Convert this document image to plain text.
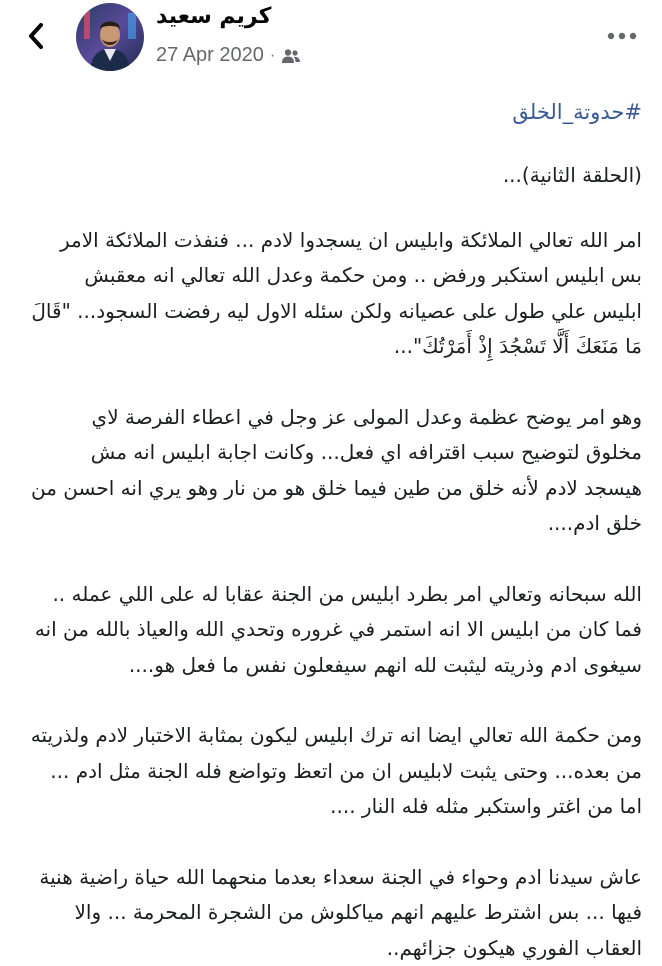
كريم سعيد
27 Apr 2020 ·
#حدوتة_الخلق

(الحلقة الثانية)...

امر الله تعالي الملائكة وابليس ان يسجدوا لادم ... فنفذت الملائكة الامر بس ابليس استكبر ورفض .. ومن حكمة وعدل الله تعالي انه معقبش ابليس علي طول على عصيانه ولكن سئله الاول ليه رفضت السجود... "قَالَ مَا مَنَعَكَ أَلَّا تَسْجُدَ إِذْ أَمَرْتُكَ"...

وهو امر يوضح عظمة وعدل المولى عز وجل في اعطاء الفرصة لاي مخلوق لتوضيح سبب اقترافه اي فعل... وكانت اجابة ابليس انه مش هيسجد لادم لأنه خلق من طين فيما خلق هو من نار وهو يري انه احسن من خلق ادم....

الله سبحانه وتعالي امر بطرد ابليس من الجنة عقابا له على اللي عمله .. فما كان من ابليس الا انه استمر في غروره وتحدي الله والعياذ بالله من انه سيغوى ادم وذريته ليثبت لله انهم سيفعلون نفس ما فعل هو....

ومن حكمة الله تعالي ايضا انه ترك ابليس ليكون بمثابة الاختبار لادم ولذريته من بعده... وحتى يثبت لابليس ان من اتعظ وتواضع فله الجنة مثل ادم ... اما من اغتر واستكبر مثله فله النار ....

عاش سيدنا ادم وحواء في الجنة سعداء بعدما منحهما الله حياة راضية هنية فيها ... بس اشترط عليهم انهم مياكلوش من الشجرة المحرمة ... والا العقاب الفوري هيكون جزائهم..
